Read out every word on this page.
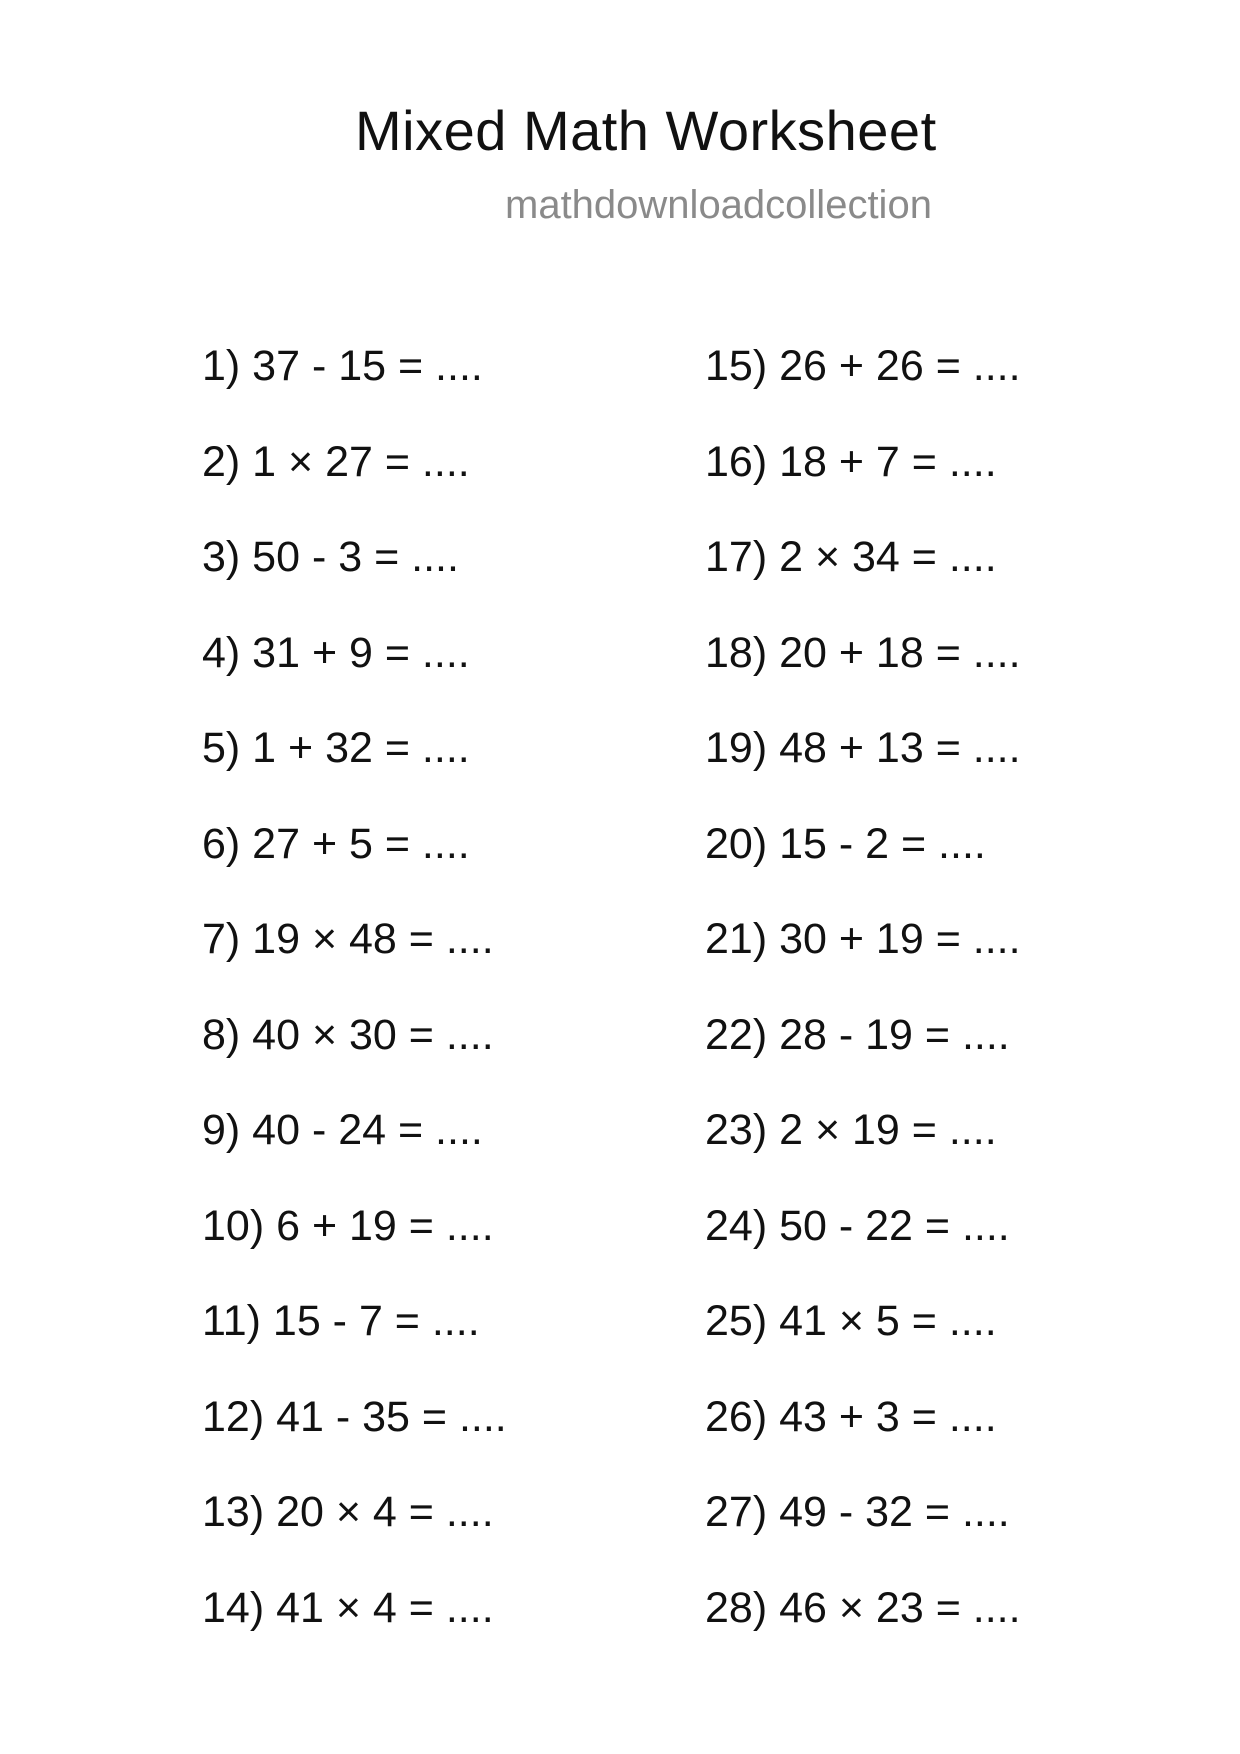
Mixed Math Worksheet
mathdownloadcollection
1) 37 - 15 = ....
2) 1 × 27 = ....
3) 50 - 3 = ....
4) 31 + 9 = ....
5) 1 + 32 = ....
6) 27 + 5 = ....
7) 19 × 48 = ....
8) 40 × 30 = ....
9) 40 - 24 = ....
10) 6 + 19 = ....
11) 15 - 7 = ....
12) 41 - 35 = ....
13) 20 × 4 = ....
14) 41 × 4 = ....
15) 26 + 26 = ....
16) 18 + 7 = ....
17) 2 × 34 = ....
18) 20 + 18 = ....
19) 48 + 13 = ....
20) 15 - 2 = ....
21) 30 + 19 = ....
22) 28 - 19 = ....
23) 2 × 19 = ....
24) 50 - 22 = ....
25) 41 × 5 = ....
26) 43 + 3 = ....
27) 49 - 32 = ....
28) 46 × 23 = ....
